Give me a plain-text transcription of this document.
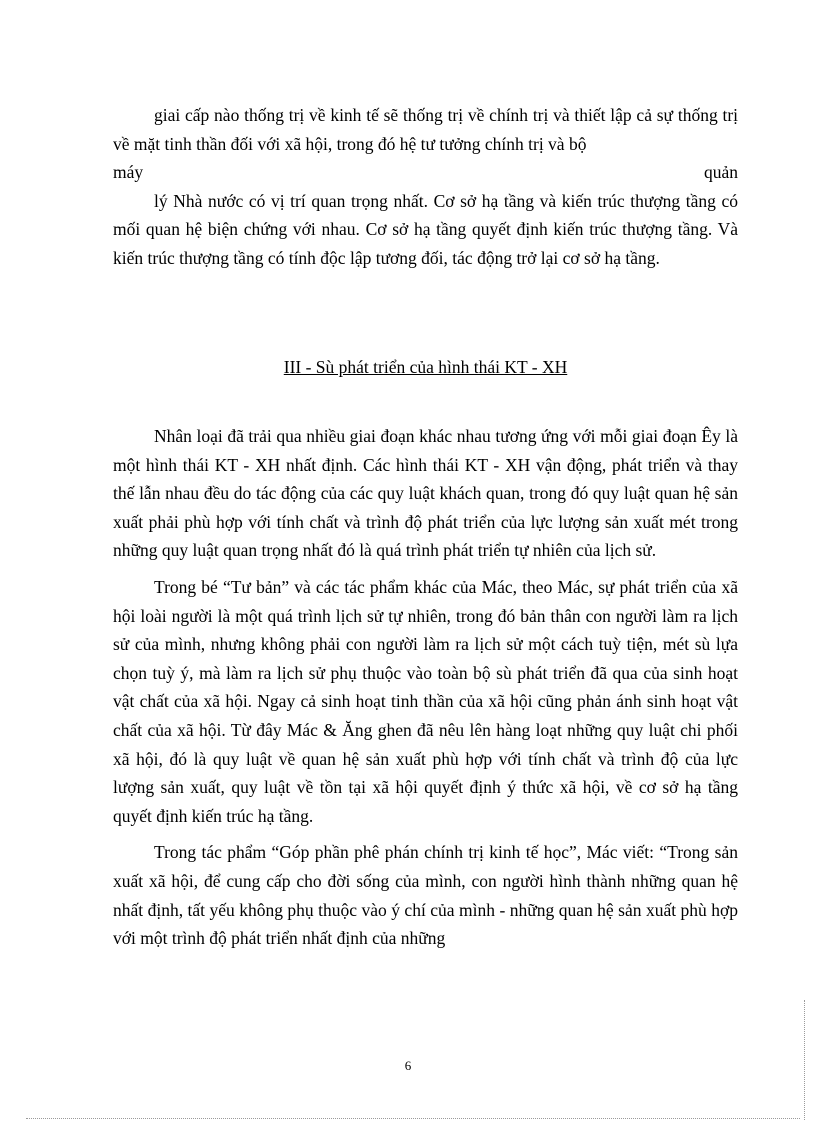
giai cấp nào thống trị về kinh tế sẽ thống trị về chính trị và thiết lập cả sự thống trị về mặt tinh thần đối với xã hội, trong đó hệ tư tưởng chính trị và bộ

máy	quản

lý Nhà nước có vị trí quan trọng nhất. Cơ sở hạ tầng và kiến trúc thượng tầng có mối quan hệ biện chứng với nhau. Cơ sở hạ tầng quyết định kiến trúc thượng tầng. Và kiến trúc thượng tầng có tính độc lập tương đối, tác động trở lại cơ sở hạ tầng.

III - Sù phát triển của hình thái KT - XH

Nhân loại đã trải qua nhiều giai đoạn khác nhau tương ứng với mỗi giai đoạn Êy là một hình thái KT - XH nhất định. Các hình thái KT - XH vận động, phát triển và thay thế lẫn nhau đều do tác động của các quy luật khách quan, trong đó quy luật quan hệ sản xuất phải phù hợp với tính chất và trình độ phát triển của lực lượng sản xuất mét trong những quy luật quan trọng nhất đó là quá trình phát triển tự nhiên của lịch sử.

Trong bé “Tư bản” và các tác phẩm khác của Mác, theo Mác, sự phát triển của xã hội loài người là một quá trình lịch sử tự nhiên, trong đó bản thân con người làm ra lịch sử của mình, nhưng không phải con người làm ra lịch sử một cách tuỳ tiện, mét sù lựa chọn tuỳ ý, mà làm ra lịch sử phụ thuộc vào toàn bộ sù phát triển đã qua của sinh hoạt vật chất của xã hội. Ngay cả sinh hoạt tinh thần của xã hội cũng phản ánh sinh hoạt vật chất của xã hội. Từ đây Mác & Ăng ghen đã nêu lên hàng loạt những quy luật chi phối xã hội, đó là quy luật về quan hệ sản xuất phù hợp với tính chất và trình độ của lực lượng sản xuất, quy luật về tồn tại xã hội quyết định ý thức xã hội, về cơ sở hạ tầng quyết định kiến trúc hạ tầng.

Trong tác phẩm “Góp phần phê phán chính trị kinh tế học”, Mác viết: “Trong sản xuất xã hội, để cung cấp cho đời sống của mình, con người hình thành những quan hệ nhất định, tất yếu không phụ thuộc vào ý chí của mình - những quan hệ sản xuất phù hợp với một trình độ phát triển nhất định của những

6
